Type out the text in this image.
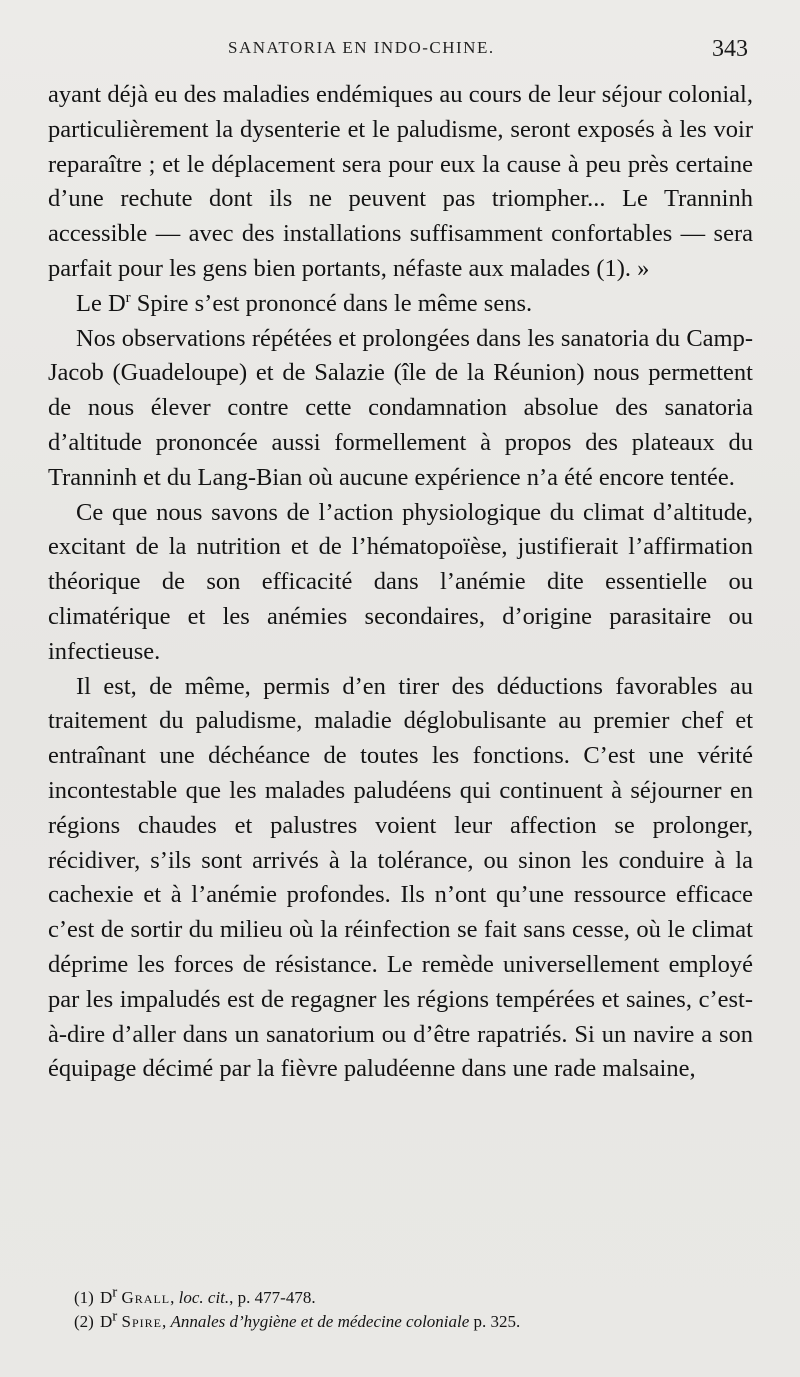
SANATORIA EN INDO-CHINE.	343

ayant déjà eu des maladies endémiques au cours de leur séjour colonial, particulièrement la dysenterie et le paludisme, seront exposés à les voir reparaître ; et le déplacement sera pour eux la cause à peu près certaine d’une rechute dont ils ne peuvent pas triompher... Le Tranninh accessible — avec des installations suffisamment confortables — sera parfait pour les gens bien portants, néfaste aux malades (1). »

Le $D^r$ Spire s’est prononcé dans le même sens.

Nos observations répétées et prolongées dans les sanatoria du Camp-Jacob (Guadeloupe) et de Salazie (île de la Réunion) nous permettent de nous élever contre cette condamnation absolue des sanatoria d’altitude prononcée aussi formellement à propos des plateaux du Tranninh et du Lang-Bian où aucune expérience n’a été encore tentée.

Ce que nous savons de l’action physiologique du climat d’altitude, excitant de la nutrition et de l’hématopoïèse, justifierait l’affirmation théorique de son efficacité dans l’anémie dite essentielle ou climatérique et les anémies secondaires, d’origine parasitaire ou infectieuse.

Il est, de même, permis d’en tirer des déductions favorables au traitement du paludisme, maladie déglobulisante au premier chef et entraînant une déchéance de toutes les fonctions. C’est une vérité incontestable que les malades paludéens qui continuent à séjourner en régions chaudes et palustres voient leur affection se prolonger, récidiver, s’ils sont arrivés à la tolérance, ou sinon les conduire à la cachexie et à l’anémie profondes. Ils n’ont qu’une ressource efficace c’est de sortir du milieu où la réinfection se fait sans cesse, où le climat déprime les forces de résistance. Le remède universellement employé par les impaludés est de regagner les régions tempérées et saines, c’est-à-dire d’aller dans un sanatorium ou d’être rapatriés. Si un navire a son équipage décimé par la fièvre paludéenne dans une rade malsaine,

(1) $D^r$ Grall, loc. cit., p. 477-478.

(2) $D^r$ Spire, Annales d’hygiène et de médecine coloniale p. 325.
